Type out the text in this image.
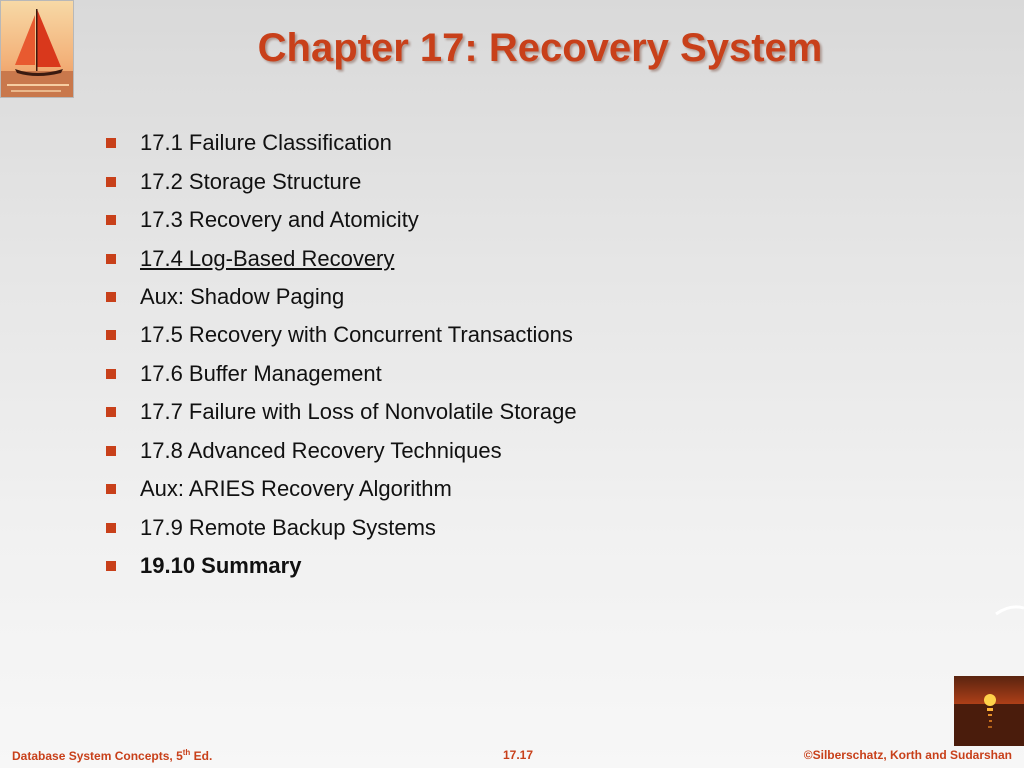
Chapter 17: Recovery System
17.1 Failure Classification
17.2 Storage Structure
17.3 Recovery and Atomicity
17.4 Log-Based Recovery
Aux: Shadow Paging
17.5 Recovery with Concurrent Transactions
17.6 Buffer Management
17.7 Failure with Loss of Nonvolatile Storage
17.8 Advanced Recovery Techniques
Aux: ARIES Recovery Algorithm
17.9 Remote Backup Systems
19.10 Summary
Database System Concepts, 5th Ed.	17.17	©Silberschatz, Korth and Sudarshan
